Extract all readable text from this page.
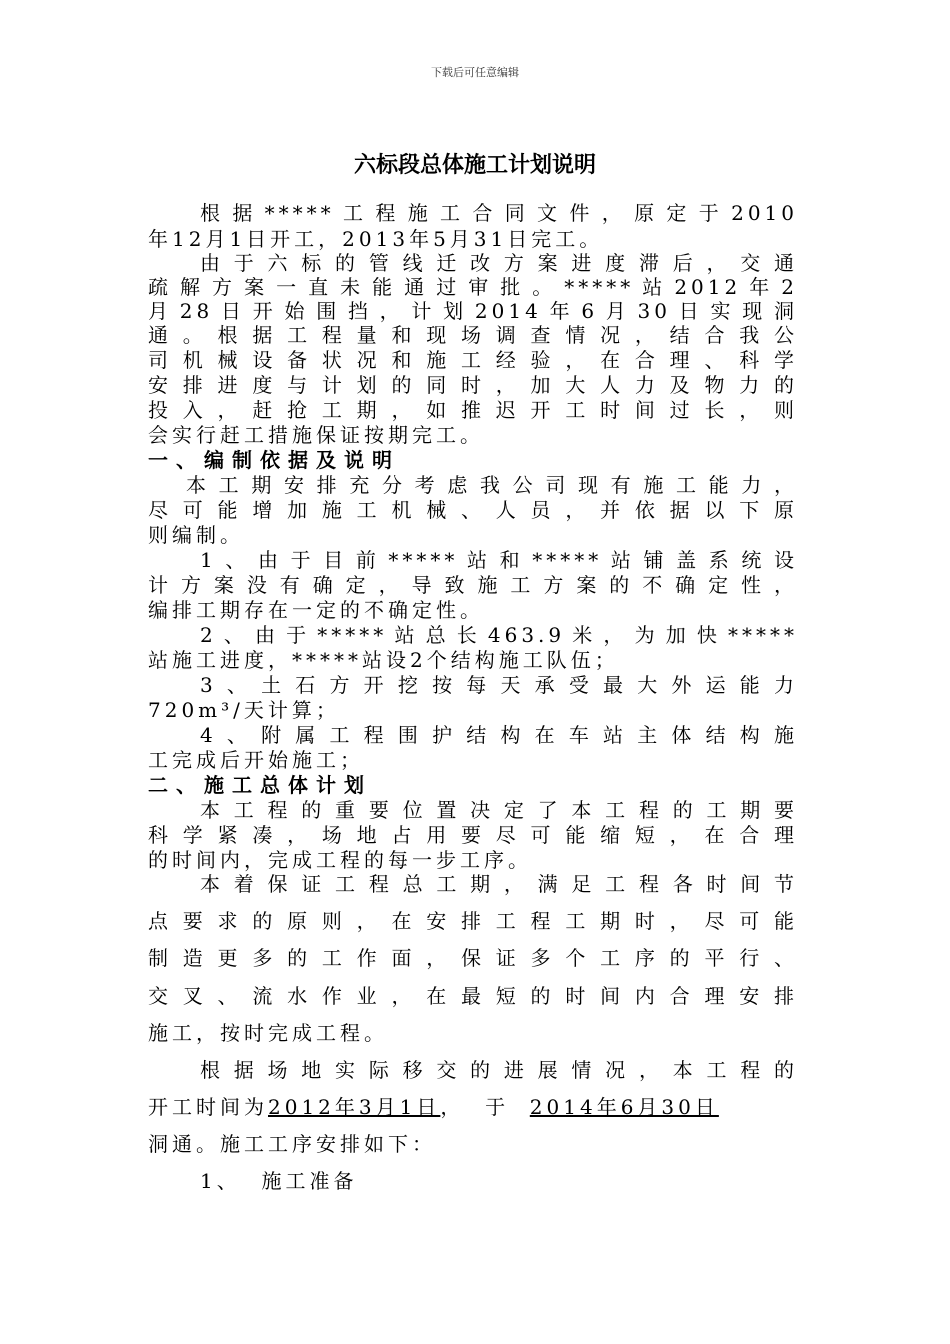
下载后可任意编辑
六标段总体施工计划说明
根据*****工程施工合同文件，原定于2010
年12月1日开工，2013年5月31日完工。
由于六标的管线迁改方案进度滞后，交通
疏解方案一直未能通过审批。*****站2012年2
月28日开始围挡，计划2014年6月30日实现洞
通。根据工程量和现场调查情况，结合我公
司机械设备状况和施工经验，在合理、科学
安排进度与计划的同时，加大人力及物力的
投入，赶抢工期，如推迟开工时间过长，则
会实行赶工措施保证按期完工。
一、编制依据及说明
本工期安排充分考虑我公司现有施工能力，
尽可能增加施工机械、人员，并依据以下原
则编制。
1、由于目前*****站和*****站铺盖系统设
计方案没有确定，导致施工方案的不确定性，
编排工期存在一定的不确定性。
2、由于*****站总长463.9米，为加快*****
站施工进度，*****站设2个结构施工队伍；
3、土石方开挖按每天承受最大外运能力
720m³/天计算；
4、附属工程围护结构在车站主体结构施
工完成后开始施工；
二、施工总体计划
本工程的重要位置决定了本工程的工期要
科学紧凑，场地占用要尽可能缩短，在合理
的时间内，完成工程的每一步工序。
本着保证工程总工期，满足工程各时间节
点要求的原则，在安排工程工期时，尽可能
制造更多的工作面，保证多个工序的平行、
交叉、流水作业，在最短的时间内合理安排
施工，按时完成工程。
根据场地实际移交的进展情况，本工程的
开工时间为2012年3月1日，  于  2014年6月30日
洞通。施工工序安排如下：
1、  施工准备
